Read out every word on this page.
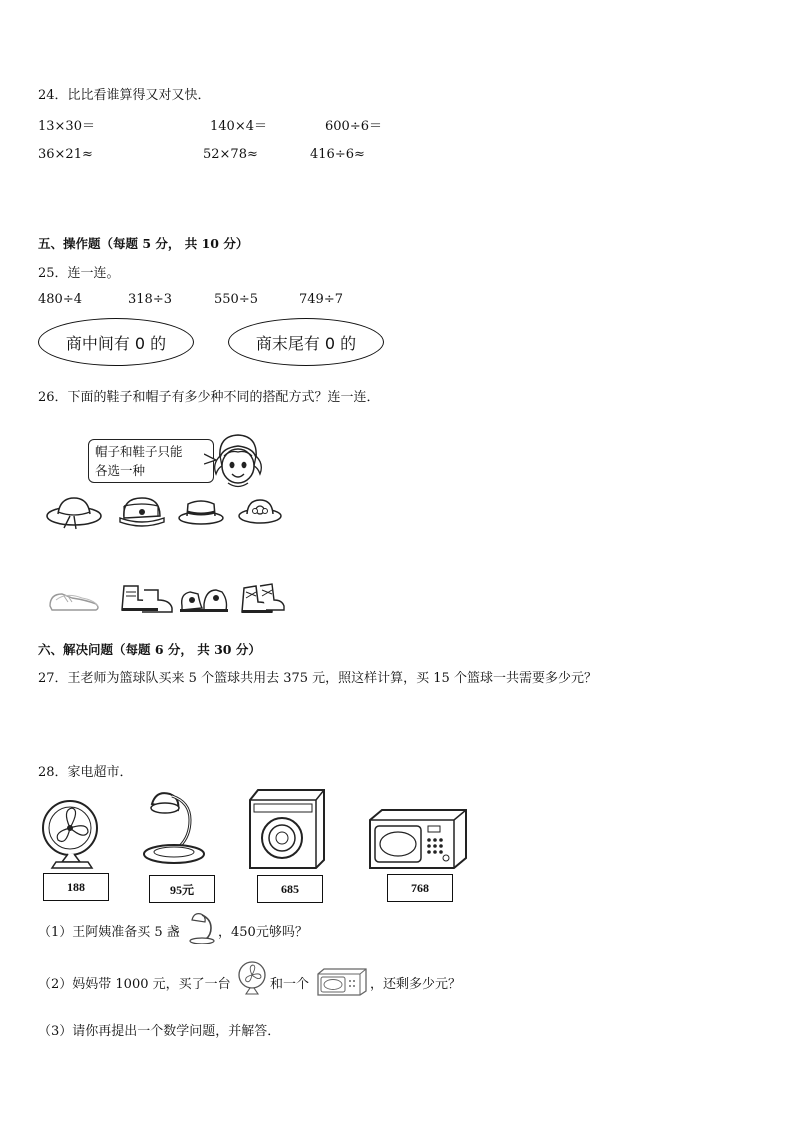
24．比比看谁算得又对又快．
13×30＝	140×4＝	600÷6＝
36×21≈	52×78≈	416÷6≈
五、操作题（每题 5 分， 共 10 分）
25．连一连。
480÷4	318÷3	550÷5	749÷7
商中间有 0 的	商末尾有 0 的
26．下面的鞋子和帽子有多少种不同的搭配方式？连一连．
帽子和鞋子只能
各选一种
六、解决问题（每题 6 分， 共 30 分）
27．王老师为篮球队买来 5 个篮球共用去 375 元，照这样计算，买 15 个篮球一共需要多少元？
28．家电超市．
188	95元	685	768
（1）王阿姨准备买 5 盏	，450元够吗？
（2）妈妈带 1000 元，买了一台	和一个	，还剩多少元？
（3）请你再提出一个数学问题，并解答．
